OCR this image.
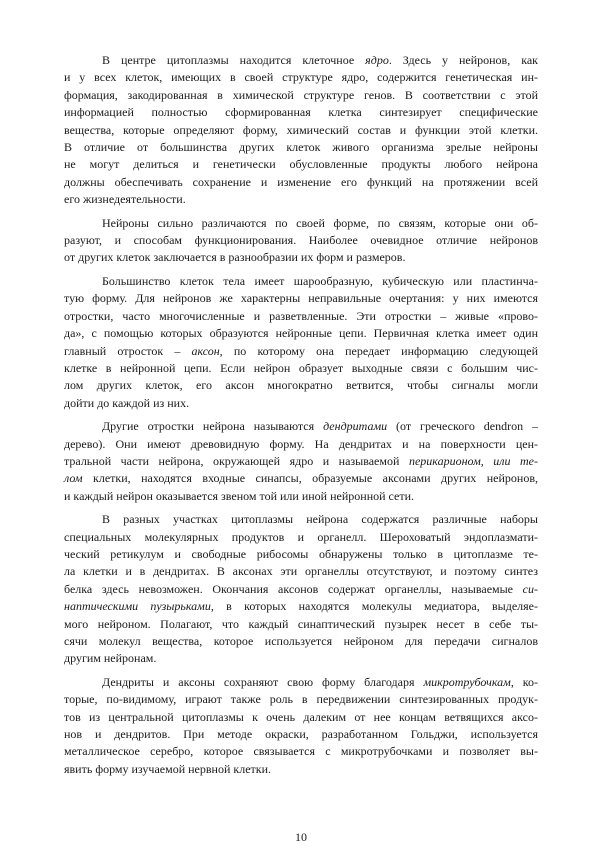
В центре цитоплазмы находится клеточное ядро. Здесь у нейронов, как
и у всех клеток, имеющих в своей структуре ядро, содержится генетическая ин-
формация, закодированная в химической структуре генов. В соответствии с этой
информацией полностью сформированная клетка синтезирует специфические
вещества, которые определяют форму, химический состав и функции этой клетки.
В отличие от большинства других клеток живого организма зрелые нейроны
не могут делиться и генетически обусловленные продукты любого нейрона
должны обеспечивать сохранение и изменение его функций на протяжении всей
его жизнедеятельности.

Нейроны сильно различаются по своей форме, по связям, которые они об-
разуют, и способам функционирования. Наиболее очевидное отличие нейронов
от других клеток заключается в разнообразии их форм и размеров.

Большинство клеток тела имеет шарообразную, кубическую или пластинча-
тую форму. Для нейронов же характерны неправильные очертания: у них имеются
отростки, часто многочисленные и разветвленные. Эти отростки – живые «прово-
да», с помощью которых образуются нейронные цепи. Первичная клетка имеет один
главный отросток – аксон, по которому она передает информацию следующей
клетке в нейронной цепи. Если нейрон образует выходные связи с большим чис-
лом других клеток, его аксон многократно ветвится, чтобы сигналы могли
дойти до каждой из них.

Другие отростки нейрона называются дендритами (от греческого dendron –
дерево). Они имеют древовидную форму. На дендритах и на поверхности цен-
тральной части нейрона, окружающей ядро и называемой перикарионом, или те-
лом клетки, находятся входные синапсы, образуемые аксонами других нейронов,
и каждый нейрон оказывается звеном той или иной нейронной сети.

В разных участках цитоплазмы нейрона содержатся различные наборы
специальных молекулярных продуктов и органелл. Шероховатый эндоплазмати-
ческий ретикулум и свободные рибосомы обнаружены только в цитоплазме те-
ла клетки и в дендритах. В аксонах эти органеллы отсутствуют, и поэтому синтез
белка здесь невозможен. Окончания аксонов содержат органеллы, называемые си-
наптическими пузырьками, в которых находятся молекулы медиатора, выделяе-
мого нейроном. Полагают, что каждый синаптический пузырек несет в себе ты-
сячи молекул вещества, которое используется нейроном для передачи сигналов
другим нейронам.

Дендриты и аксоны сохраняют свою форму благодаря микротрубочкам, ко-
торые, по-видимому, играют также роль в передвижении синтезированных продук-
тов из центральной цитоплазмы к очень далеким от нее концам ветвящихся аксо-
нов и дендритов. При методе окраски, разработанном Гольджи, используется
металлическое серебро, которое связывается с микротрубочками и позволяет вы-
явить форму изучаемой нервной клетки.

10
